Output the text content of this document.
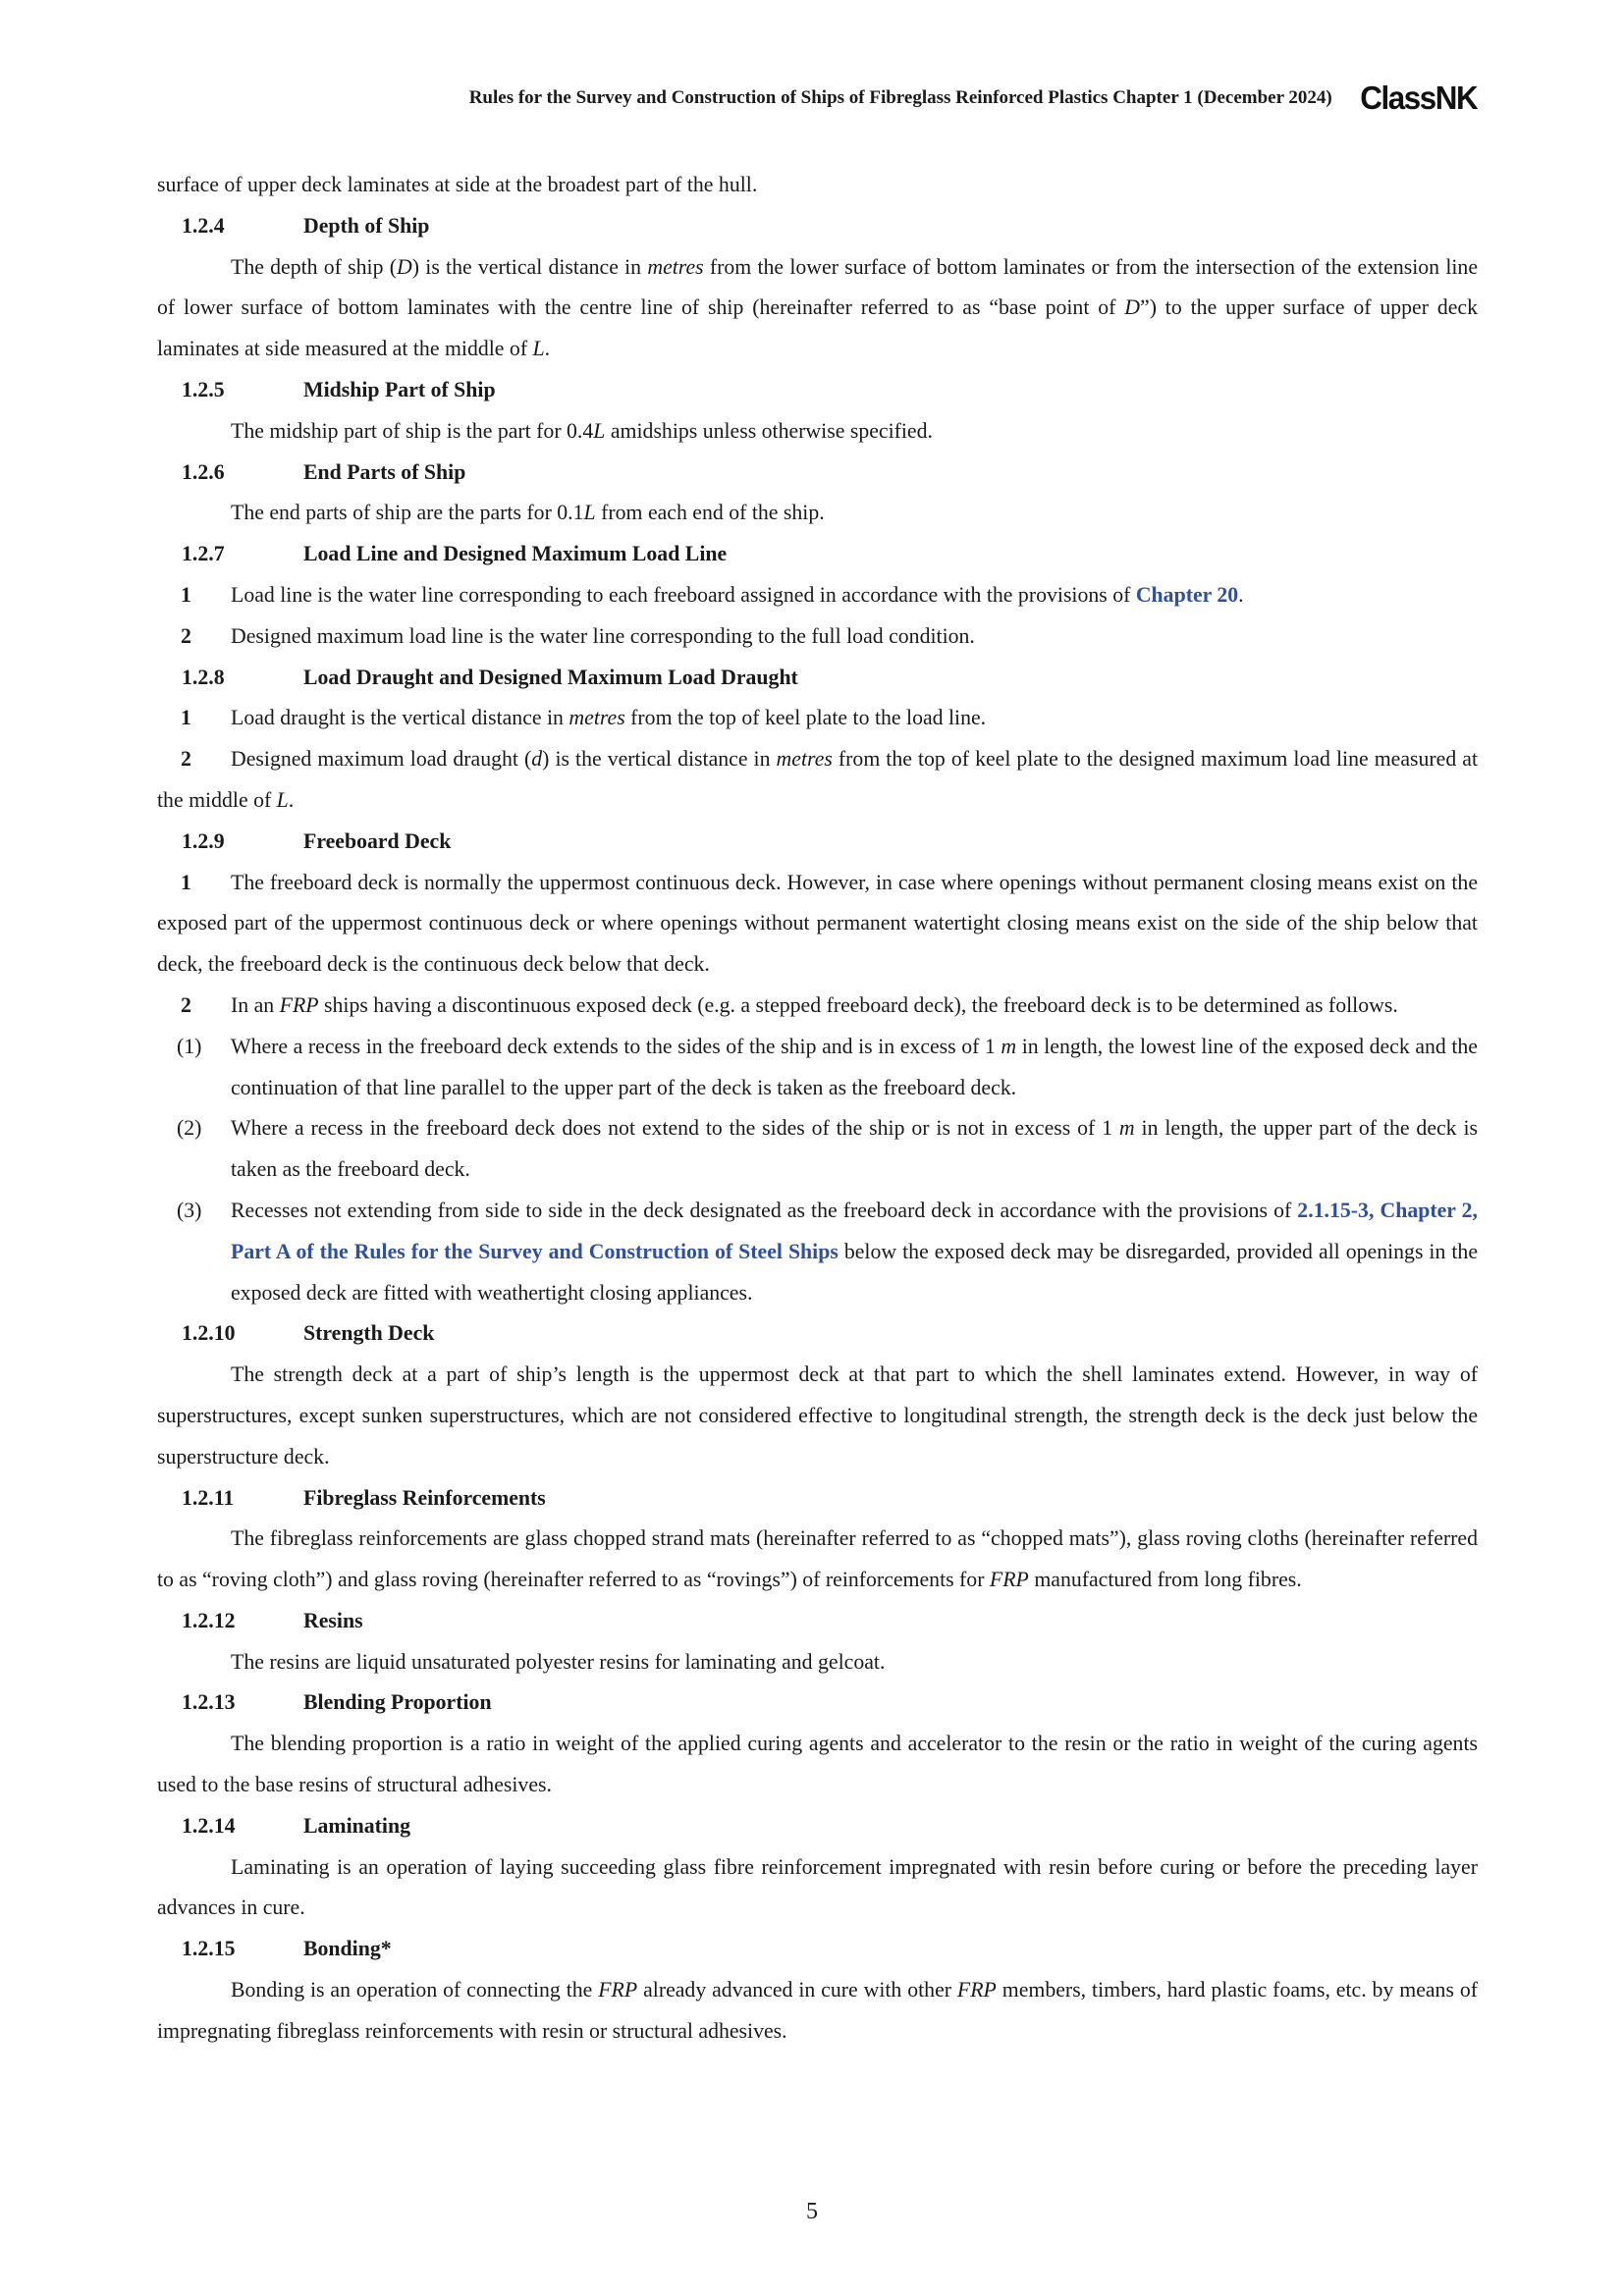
Rules for the Survey and Construction of Ships of Fibreglass Reinforced Plastics Chapter 1 (December 2024) ClassNK

surface of upper deck laminates at side at the broadest part of the hull.

1.2.4	Depth of Ship

The depth of ship (D) is the vertical distance in metres from the lower surface of bottom laminates or from the intersection of the extension line of lower surface of bottom laminates with the centre line of ship (hereinafter referred to as “base point of D”) to the upper surface of upper deck laminates at side measured at the middle of L.

1.2.5	Midship Part of Ship

The midship part of ship is the part for 0.4L amidships unless otherwise specified.

1.2.6	End Parts of Ship

The end parts of ship are the parts for 0.1L from each end of the ship.

1.2.7	Load Line and Designed Maximum Load Line

1 Load line is the water line corresponding to each freeboard assigned in accordance with the provisions of Chapter 20.

2 Designed maximum load line is the water line corresponding to the full load condition.

1.2.8	Load Draught and Designed Maximum Load Draught

1 Load draught is the vertical distance in metres from the top of keel plate to the load line.

2 Designed maximum load draught (d) is the vertical distance in metres from the top of keel plate to the designed maximum load line measured at the middle of L.

1.2.9	Freeboard Deck

1 The freeboard deck is normally the uppermost continuous deck. However, in case where openings without permanent closing means exist on the exposed part of the uppermost continuous deck or where openings without permanent watertight closing means exist on the side of the ship below that deck, the freeboard deck is the continuous deck below that deck.

2 In an FRP ships having a discontinuous exposed deck (e.g. a stepped freeboard deck), the freeboard deck is to be determined as follows.

(1)	Where a recess in the freeboard deck extends to the sides of the ship and is in excess of 1 m in length, the lowest line of the exposed deck and the continuation of that line parallel to the upper part of the deck is taken as the freeboard deck.
(2)	Where a recess in the freeboard deck does not extend to the sides of the ship or is not in excess of 1 m in length, the upper part of the deck is taken as the freeboard deck.
(3)	Recesses not extending from side to side in the deck designated as the freeboard deck in accordance with the provisions of 2.1.15-3, Chapter 2, Part A of the Rules for the Survey and Construction of Steel Ships below the exposed deck may be disregarded, provided all openings in the exposed deck are fitted with weathertight closing appliances.
1.2.10	Strength Deck

The strength deck at a part of ship’s length is the uppermost deck at that part to which the shell laminates extend. However, in way of superstructures, except sunken superstructures, which are not considered effective to longitudinal strength, the strength deck is the deck just below the superstructure deck.

1.2.11	Fibreglass Reinforcements

The fibreglass reinforcements are glass chopped strand mats (hereinafter referred to as “chopped mats”), glass roving cloths (hereinafter referred to as “roving cloth”) and glass roving (hereinafter referred to as “rovings”) of reinforcements for FRP manufactured from long fibres.

1.2.12	Resins

The resins are liquid unsaturated polyester resins for laminating and gelcoat.

1.2.13	Blending Proportion

The blending proportion is a ratio in weight of the applied curing agents and accelerator to the resin or the ratio in weight of the curing agents used to the base resins of structural adhesives.

1.2.14	Laminating

Laminating is an operation of laying succeeding glass fibre reinforcement impregnated with resin before curing or before the preceding layer advances in cure.

1.2.15	Bonding*

Bonding is an operation of connecting the FRP already advanced in cure with other FRP members, timbers, hard plastic foams, etc. by means of impregnating fibreglass reinforcements with resin or structural adhesives.

5
